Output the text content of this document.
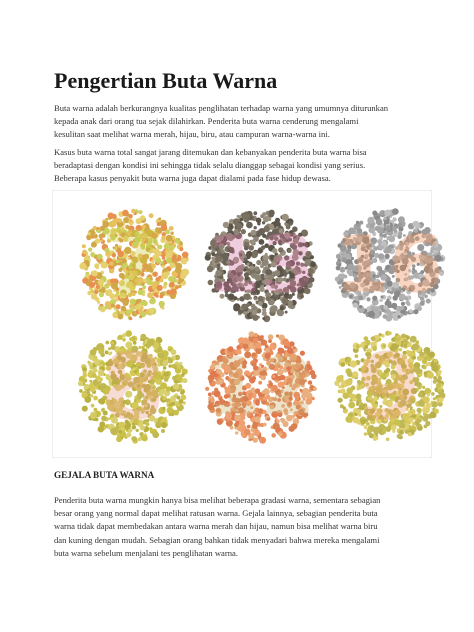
Pengertian Buta Warna

Buta warna adalah berkurangnya kualitas penglihatan terhadap warna yang umumnya diturunkan
kepada anak dari orang tua sejak dilahirkan. Penderita buta warna cenderung mengalami
kesulitan saat melihat warna merah, hijau, biru, atau campuran warna-warna ini.

Kasus buta warna total sangat jarang ditemukan dan kebanyakan penderita buta warna bisa
beradaptasi dengan kondisi ini sehingga tidak selalu dianggap sebagai kondisi yang serius.
Beberapa kasus penyakit buta warna juga dapat dialami pada fase hidup dewasa.

7 13 16
8 12 9
GEJALA BUTA WARNA

Penderita buta warna mungkin hanya bisa melihat beberapa gradasi warna, sementara sebagian
besar orang yang normal dapat melihat ratusan warna. Gejala lainnya, sebagian penderita buta
warna tidak dapat membedakan antara warna merah dan hijau, namun bisa melihat warna biru
dan kuning dengan mudah. Sebagian orang bahkan tidak menyadari bahwa mereka mengalami
buta warna sebelum menjalani tes penglihatan warna.
